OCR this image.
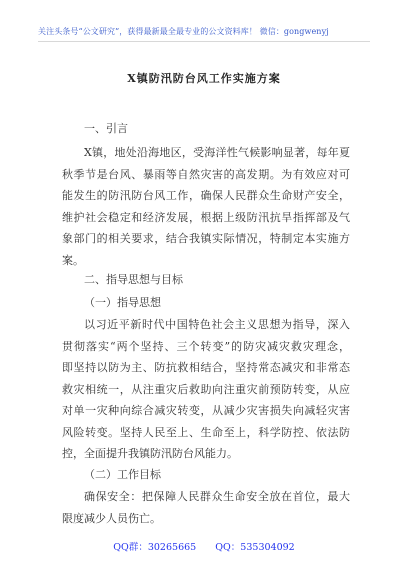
关注头条号“公文研究”，获得最新最全最专业的公文资料库！ 微信：gongwenyj
X镇防汛防台风工作实施方案
一、引言
X镇，地处沿海地区，受海洋性气候影响显著，每年夏
秋季节是台风、暴雨等自然灾害的高发期。为有效应对可
能发生的防汛防台风工作，确保人民群众生命财产安全，
维护社会稳定和经济发展，根据上级防汛抗旱指挥部及气
象部门的相关要求，结合我镇实际情况，特制定本实施方
案。
二、指导思想与目标
（一）指导思想
以习近平新时代中国特色社会主义思想为指导，深入
贯彻落实“两个坚持、三个转变”的防灾减灾救灾理念，
即坚持以防为主、防抗救相结合，坚持常态减灾和非常态
救灾相统一，从注重灾后救助向注重灾前预防转变，从应
对单一灾种向综合减灾转变，从减少灾害损失向减轻灾害
风险转变。坚持人民至上、生命至上，科学防控、依法防
控，全面提升我镇防汛防台风能力。
（二）工作目标
确保安全：把保障人民群众生命安全放在首位，最大
限度减少人员伤亡。
QQ群：30265665 QQ：535304092
